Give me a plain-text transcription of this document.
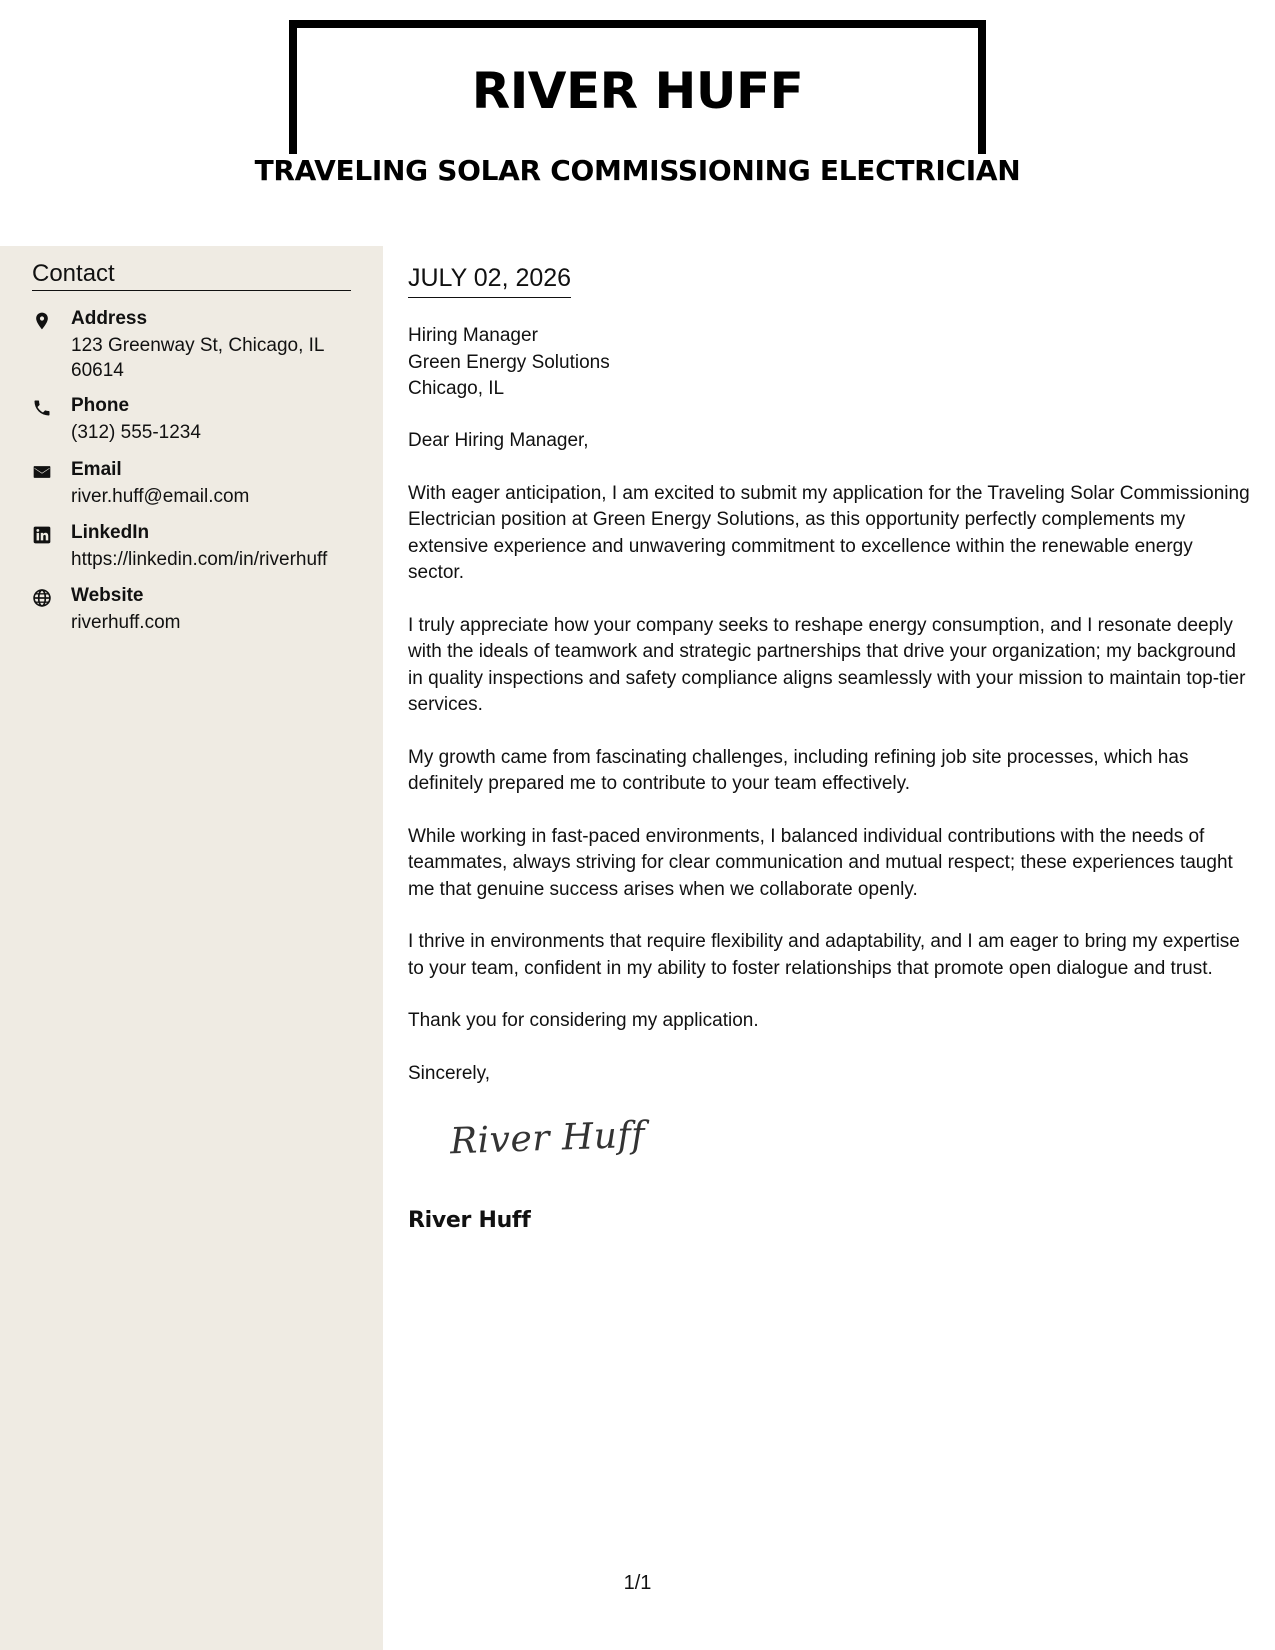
RIVER HUFF
TRAVELING SOLAR COMMISSIONING ELECTRICIAN
Contact
Address
123 Greenway St, Chicago, IL 60614
Phone
(312) 555-1234
Email
river.huff@email.com
LinkedIn
https://linkedin.com/in/riverhuff
Website
riverhuff.com
JULY 02, 2026
Hiring Manager
Green Energy Solutions
Chicago, IL

Dear Hiring Manager,

With eager anticipation, I am excited to submit my application for the Traveling Solar Commissioning Electrician position at Green Energy Solutions, as this opportunity perfectly complements my extensive experience and unwavering commitment to excellence within the renewable energy sector.

I truly appreciate how your company seeks to reshape energy consumption, and I resonate deeply with the ideals of teamwork and strategic partnerships that drive your organization; my background in quality inspections and safety compliance aligns seamlessly with your mission to maintain top-tier services.

My growth came from fascinating challenges, including refining job site processes, which has definitely prepared me to contribute to your team effectively.

While working in fast-paced environments, I balanced individual contributions with the needs of teammates, always striving for clear communication and mutual respect; these experiences taught me that genuine success arises when we collaborate openly.

I thrive in environments that require flexibility and adaptability, and I am eager to bring my expertise to your team, confident in my ability to foster relationships that promote open dialogue and trust.

Thank you for considering my application.

Sincerely,
River Huff
River Huff
1/1
